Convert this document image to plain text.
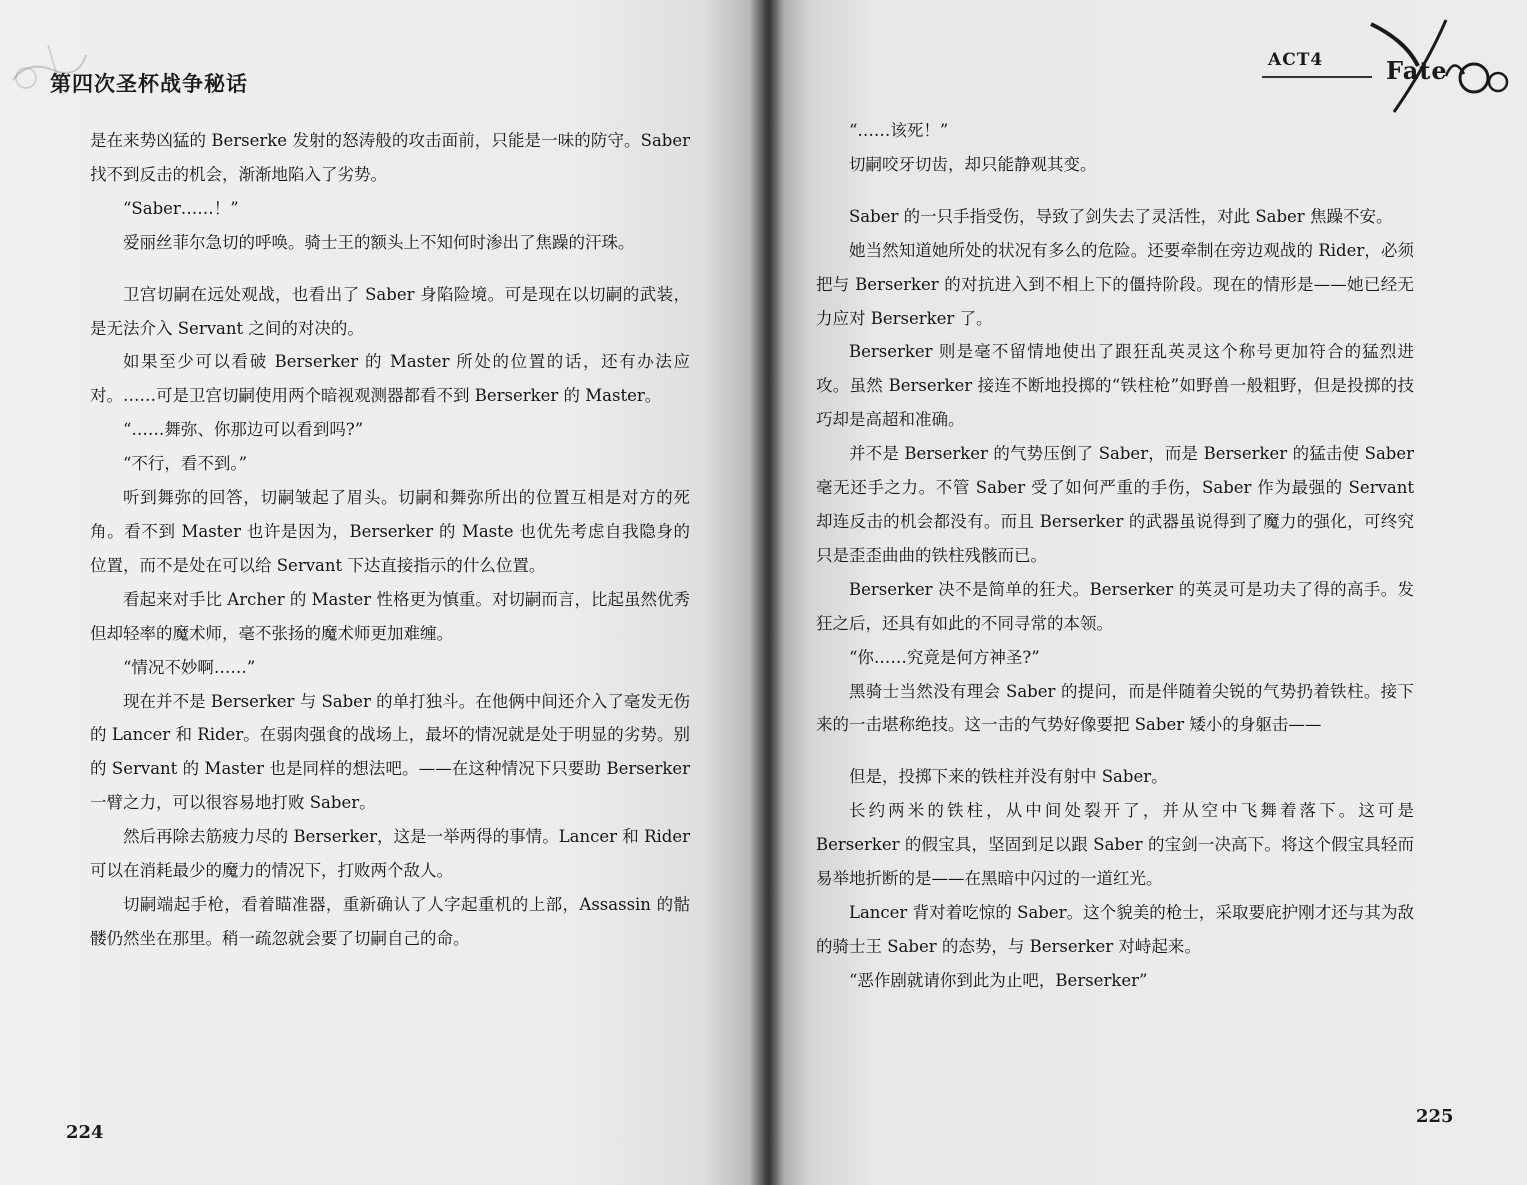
第四次圣杯战争秘话

是在来势凶猛的 Berserke 发射的怒涛般的攻击面前，只能是一味的防守。Saber 找不到反击的机会，渐渐地陷入了劣势。

“Saber……！”

爱丽丝菲尔急切的呼唤。骑士王的额头上不知何时渗出了焦躁的汗珠。

卫宫切嗣在远处观战，也看出了 Saber 身陷险境。可是现在以切嗣的武装，是无法介入 Servant 之间的对决的。

如果至少可以看破 Berserker 的 Master 所处的位置的话，还有办法应对。……可是卫宫切嗣使用两个暗视观测器都看不到 Berserker 的 Master。

“……舞弥、你那边可以看到吗?”

“不行，看不到。”

听到舞弥的回答，切嗣皱起了眉头。切嗣和舞弥所出的位置互相是对方的死角。看不到 Master 也许是因为，Berserker 的 Maste 也优先考虑自我隐身的位置，而不是处在可以给 Servant 下达直接指示的什么位置。

看起来对手比 Archer 的 Master 性格更为慎重。对切嗣而言，比起虽然优秀但却轻率的魔术师，毫不张扬的魔术师更加难缠。

“情况不妙啊……”

现在并不是 Berserker 与 Saber 的单打独斗。在他俩中间还介入了毫发无伤的 Lancer 和 Rider。在弱肉强食的战场上，最坏的情况就是处于明显的劣势。别的 Servant 的 Master 也是同样的想法吧。——在这种情况下只要助 Berserker 一臂之力，可以很容易地打败 Saber。

然后再除去筋疲力尽的 Berserker，这是一举两得的事情。Lancer 和 Rider 可以在消耗最少的魔力的情况下，打败两个敌人。

切嗣端起手枪，看着瞄准器，重新确认了人字起重机的上部，Assassin 的骷髅仍然坐在那里。稍一疏忽就会要了切嗣自己的命。

224
ACT4	Fate

“……该死！”

切嗣咬牙切齿，却只能静观其变。

Saber 的一只手指受伤，导致了剑失去了灵活性，对此 Saber 焦躁不安。

她当然知道她所处的状况有多么的危险。还要牵制在旁边观战的 Rider，必须把与 Berserker 的对抗进入到不相上下的僵持阶段。现在的情形是——她已经无力应对 Berserker 了。

Berserker 则是毫不留情地使出了跟狂乱英灵这个称号更加符合的猛烈进攻。虽然 Berserker 接连不断地投掷的“铁柱枪”如野兽一般粗野，但是投掷的技巧却是高超和准确。

并不是 Berserker 的气势压倒了 Saber，而是 Berserker 的猛击使 Saber 毫无还手之力。不管 Saber 受了如何严重的手伤，Saber 作为最强的 Servant 却连反击的机会都没有。而且 Berserker 的武器虽说得到了魔力的强化，可终究只是歪歪曲曲的铁柱残骸而已。

Berserker 决不是简单的狂犬。Berserker 的英灵可是功夫了得的高手。发狂之后，还具有如此的不同寻常的本领。

“你……究竟是何方神圣?”

黑骑士当然没有理会 Saber 的提问，而是伴随着尖锐的气势扔着铁柱。接下来的一击堪称绝技。这一击的气势好像要把 Saber 矮小的身躯击——

但是，投掷下来的铁柱并没有射中 Saber。

长约两米的铁柱，从中间处裂开了，并从空中飞舞着落下。这可是 Berserker 的假宝具，坚固到足以跟 Saber 的宝剑一决高下。将这个假宝具轻而易举地折断的是——在黑暗中闪过的一道红光。

Lancer 背对着吃惊的 Saber。这个貌美的枪士，采取要庇护刚才还与其为敌的骑士王 Saber 的态势，与 Berserker 对峙起来。

“恶作剧就请你到此为止吧，Berserker”

225
